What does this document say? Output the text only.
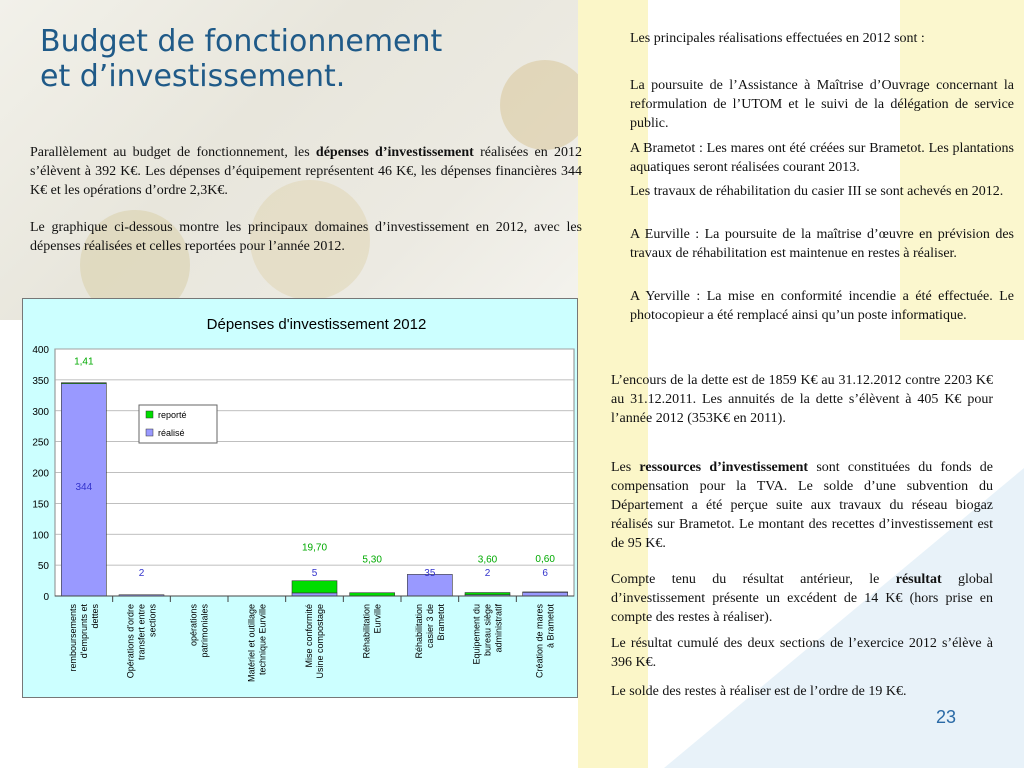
Budget de fonctionnement
et d’investissement.

Parallèlement au budget de fonctionnement, les dépenses d’investissement réalisées en 2012 s’élèvent à 392 K€. Les dépenses d’équipement représentent 46 K€, les dépenses financières 344 K€ et les opérations d’ordre 2,3K€.

Le graphique ci-dessous montre les principaux domaines d’investissement en 2012, avec les dépenses réalisées et celles reportées pour l’année 2012.

Les principales réalisations effectuées en 2012 sont :

La poursuite de l’Assistance à Maîtrise d’Ouvrage concernant la reformulation de l’UTOM et le suivi de la délégation de service public.

A Brametot : Les mares ont été créées sur Brametot. Les plantations aquatiques seront réalisées courant 2013.

Les travaux de réhabilitation du casier III se sont achevés en 2012.

A Eurville : La poursuite de la maîtrise d’œuvre en prévision des travaux de réhabilitation est maintenue en restes à réaliser.

A Yerville : La mise en conformité incendie a été effectuée. Le photocopieur a été remplacé ainsi qu’un poste informatique.

L’encours de la dette est de 1859 K€ au 31.12.2012 contre 2203 K€ au 31.12.2011. Les annuités de la dette s’élèvent à 405 K€ pour l’année 2012 (353K€ en 2011).

Les ressources d’investissement sont constituées du fonds de compensation pour la TVA. Le solde d’une subvention du Département a été perçue suite aux travaux du réseau biogaz réalisés sur Brametot. Le montant des recettes d’investissement est de 95 K€.

Compte tenu du résultat antérieur, le résultat global d’investissement présente un excédent de 14 K€ (hors prise en compte des restes à réaliser).

Le résultat cumulé des deux sections de l’exercice 2012 s’élève à 396 K€.

Le solde des restes à réaliser est de l’ordre de 19 K€.

23
Dépenses d'investissement 2012
0
50
100
150
200
250
300
350
400
344
1,41
remboursements d'emprunts et dettes
2
Opérations d'ordre transfert entre sections	opérations patrimoniales	Matériel et outillage technique Eurville
5
19,70
Mise conformité Usine compostage
5,30
Réhabilitation Eurville
35
Réhabilitation casier 3 de Brametot
2
3,60
Equipement du bureau siège administratif
6
0,60
Création de mares à Brametot
reporté
réalisé
